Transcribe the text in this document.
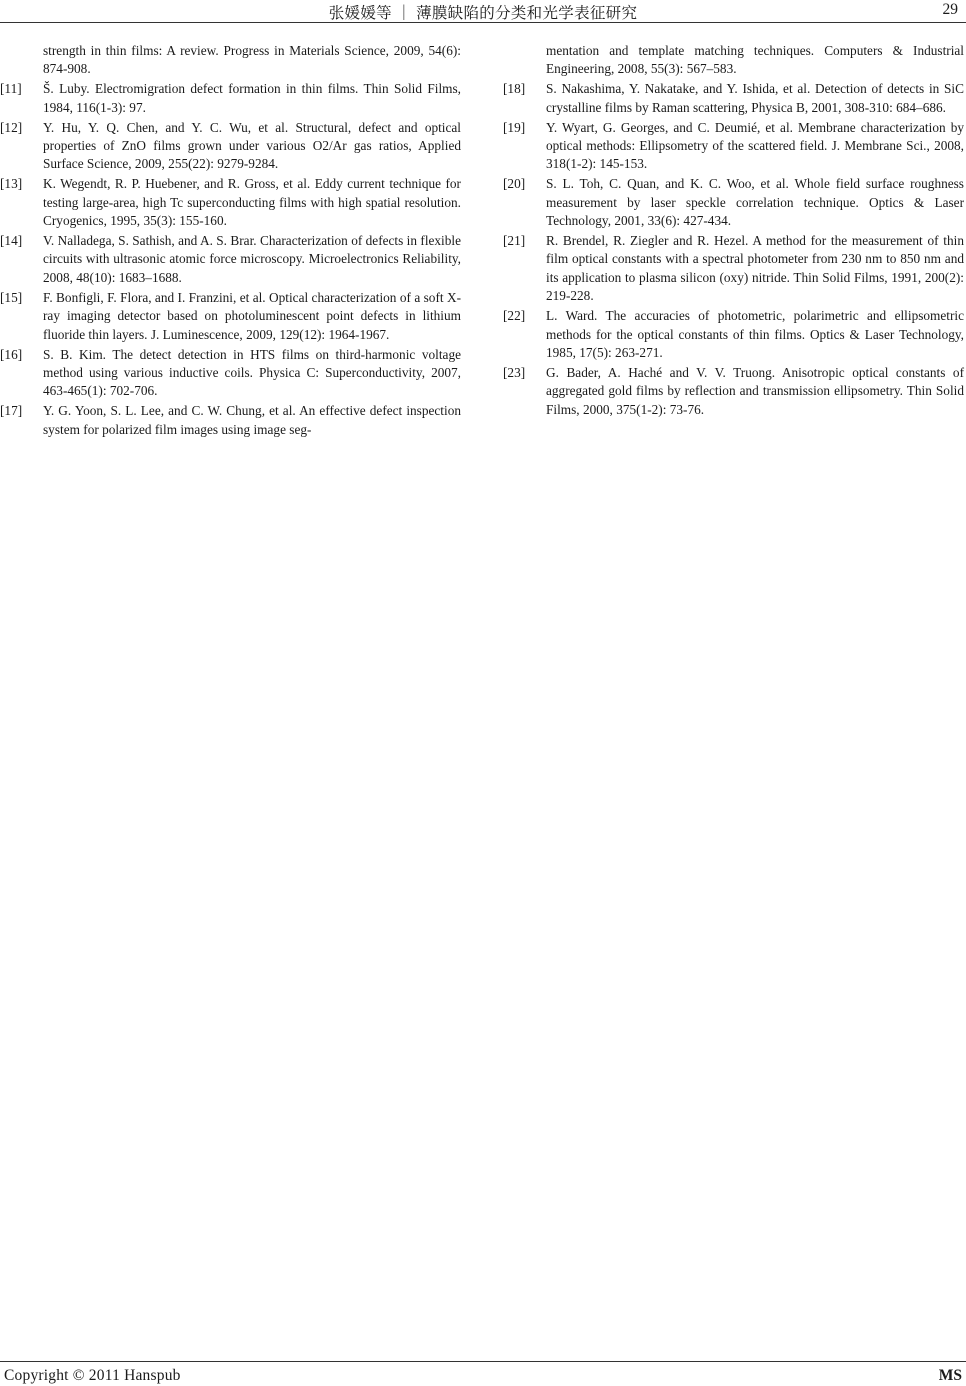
张媛媛等 ｜ 薄膜缺陷的分类和光学表征研究	29
strength in thin films: A review. Progress in Materials Science, 2009, 54(6): 874-908.
[11] Š. Luby. Electromigration defect formation in thin films. Thin Solid Films, 1984, 116(1-3): 97.
[12] Y. Hu, Y. Q. Chen, and Y. C. Wu, et al. Structural, defect and optical properties of ZnO films grown under various O2/Ar gas ratios, Applied Surface Science, 2009, 255(22): 9279-9284.
[13] K. Wegendt, R. P. Huebener, and R. Gross, et al. Eddy current technique for testing large-area, high Tc superconducting films with high spatial resolution. Cryogenics, 1995, 35(3): 155-160.
[14] V. Nalladega, S. Sathish, and A. S. Brar. Characterization of defects in flexible circuits with ultrasonic atomic force microscopy. Microelectronics Reliability, 2008, 48(10): 1683–1688.
[15] F. Bonfigli, F. Flora, and I. Franzini, et al. Optical characterization of a soft X-ray imaging detector based on photoluminescent point defects in lithium fluoride thin layers. J. Luminescence, 2009, 129(12): 1964-1967.
[16] S. B. Kim. The detect detection in HTS films on third-harmonic voltage method using various inductive coils. Physica C: Superconductivity, 2007, 463-465(1): 702-706.
[17] Y. G. Yoon, S. L. Lee, and C. W. Chung, et al. An effective defect inspection system for polarized film images using image seg-
mentation and template matching techniques. Computers & Industrial Engineering, 2008, 55(3): 567–583.
[18] S. Nakashima, Y. Nakatake, and Y. Ishida, et al. Detection of detects in SiC crystalline films by Raman scattering, Physica B, 2001, 308-310: 684–686.
[19] Y. Wyart, G. Georges, and C. Deumié, et al. Membrane characterization by optical methods: Ellipsometry of the scattered field. J. Membrane Sci., 2008, 318(1-2): 145-153.
[20] S. L. Toh, C. Quan, and K. C. Woo, et al. Whole field surface roughness measurement by laser speckle correlation technique. Optics & Laser Technology, 2001, 33(6): 427-434.
[21] R. Brendel, R. Ziegler and R. Hezel. A method for the measurement of thin film optical constants with a spectral photometer from 230 nm to 850 nm and its application to plasma silicon (oxy) nitride. Thin Solid Films, 1991, 200(2): 219-228.
[22] L. Ward. The accuracies of photometric, polarimetric and ellipsometric methods for the optical constants of thin films. Optics & Laser Technology, 1985, 17(5): 263-271.
[23] G. Bader, A. Haché and V. V. Truong. Anisotropic optical constants of aggregated gold films by reflection and transmission ellipsometry. Thin Solid Films, 2000, 375(1-2): 73-76.
Copyright © 2011 Hanspub	MS
